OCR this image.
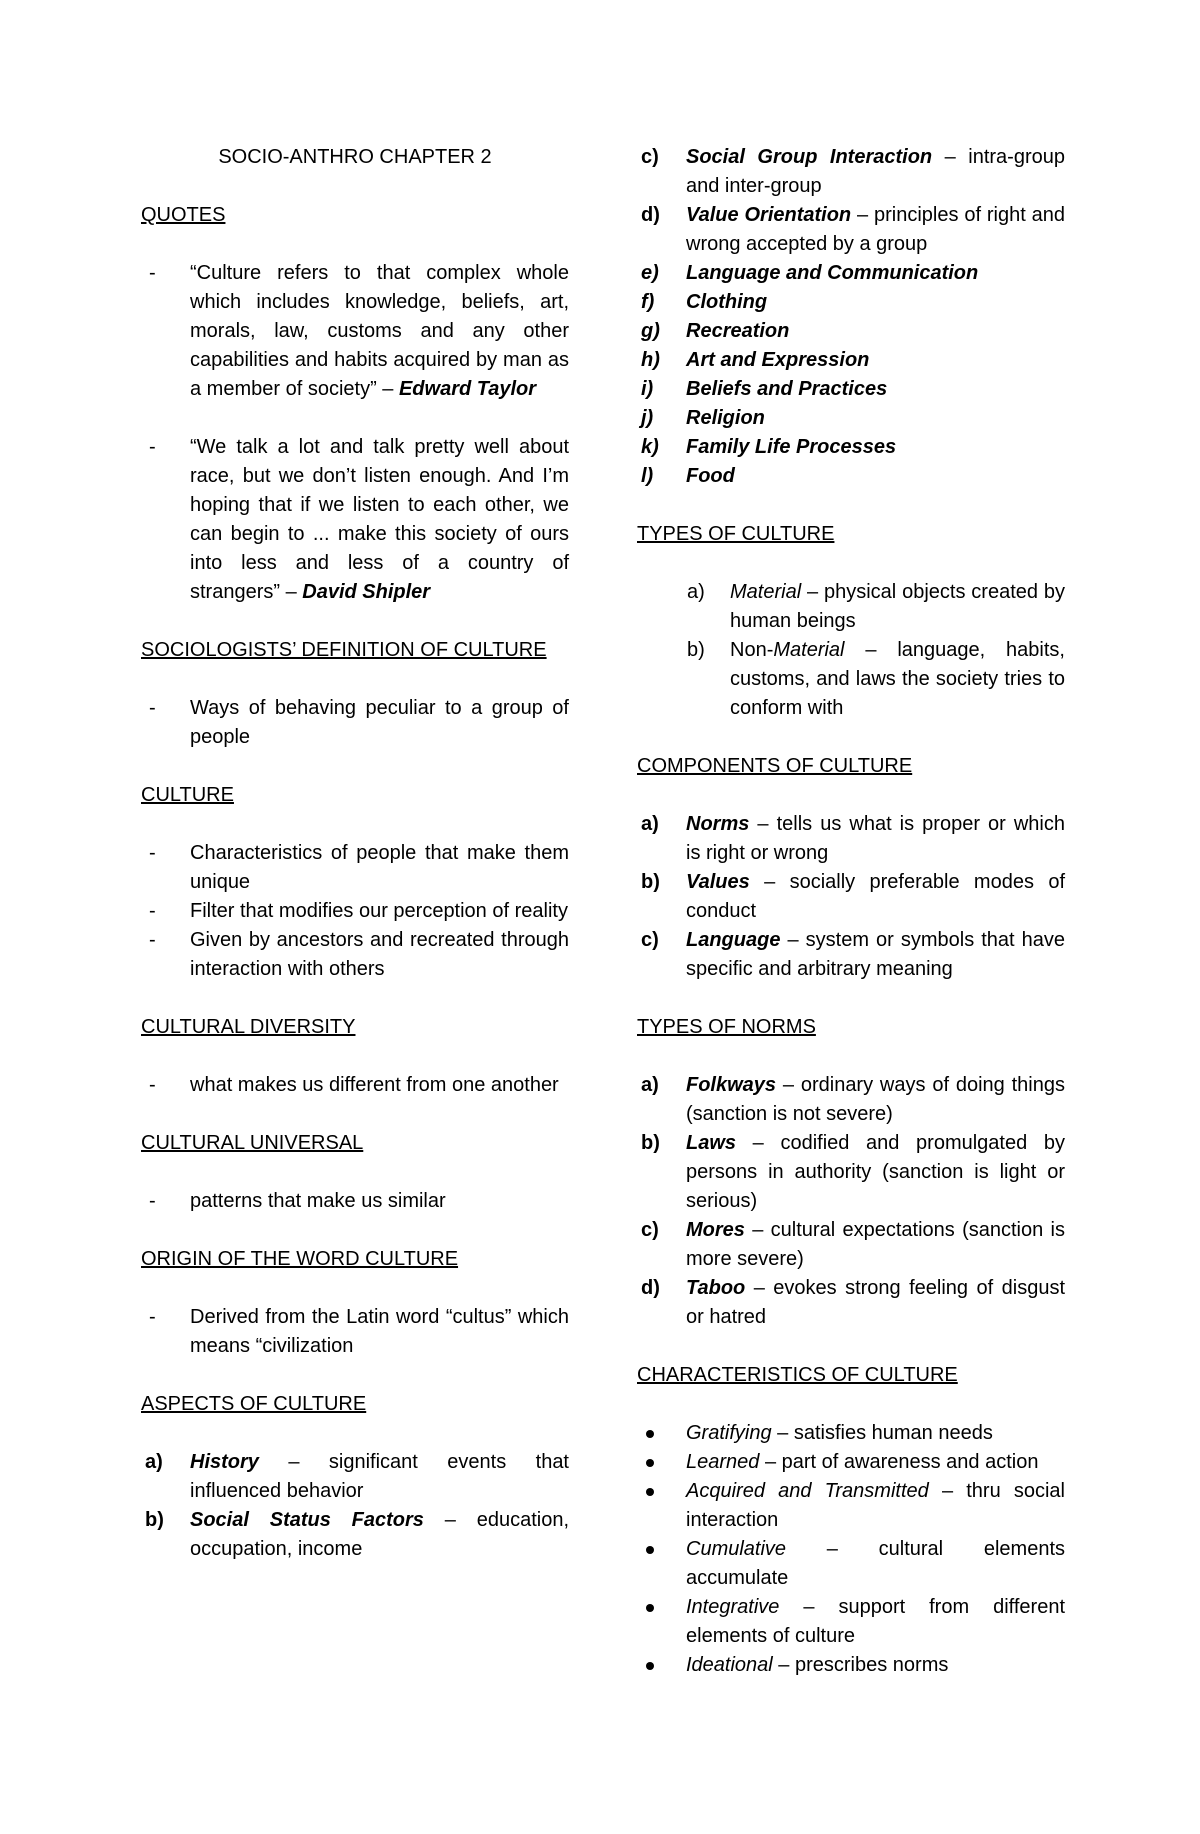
SOCIO-ANTHRO CHAPTER 2
QUOTES
- “Culture refers to that complex whole which includes knowledge, beliefs, art, morals, law, customs and any other capabilities and habits acquired by man as a member of society” – Edward Taylor
- “We talk a lot and talk pretty well about race, but we don’t listen enough. And I’m hoping that if we listen to each other, we can begin to ... make this society of ours into less and less of a country of strangers” – David Shipler
SOCIOLOGISTS’ DEFINITION OF CULTURE
- Ways of behaving peculiar to a group of people
CULTURE
- Characteristics of people that make them unique
- Filter that modifies our perception of reality
- Given by ancestors and recreated through interaction with others
CULTURAL DIVERSITY
- what makes us different from one another
CULTURAL UNIVERSAL
- patterns that make us similar
ORIGIN OF THE WORD CULTURE
- Derived from the Latin word “cultus” which means “civilization
ASPECTS OF CULTURE
a) History – significant events that influenced behavior
b) Social Status Factors – education, occupation, income
c) Social Group Interaction – intra-group and inter-group
d) Value Orientation – principles of right and wrong accepted by a group
e) Language and Communication
f) Clothing
g) Recreation
h) Art and Expression
i) Beliefs and Practices
j) Religion
k) Family Life Processes
l) Food
TYPES OF CULTURE
a) Material – physical objects created by human beings
b) Non-Material – language, habits, customs, and laws the society tries to conform with
COMPONENTS OF CULTURE
a) Norms – tells us what is proper or which is right or wrong
b) Values – socially preferable modes of conduct
c) Language – system or symbols that have specific and arbitrary meaning
TYPES OF NORMS
a) Folkways – ordinary ways of doing things (sanction is not severe)
b) Laws – codified and promulgated by persons in authority (sanction is light or serious)
c) Mores – cultural expectations (sanction is more severe)
d) Taboo – evokes strong feeling of disgust or hatred
CHARACTERISTICS OF CULTURE
Gratifying – satisfies human needs
Learned – part of awareness and action
Acquired and Transmitted – thru social interaction
Cumulative – cultural elements accumulate
Integrative – support from different elements of culture
Ideational – prescribes norms
